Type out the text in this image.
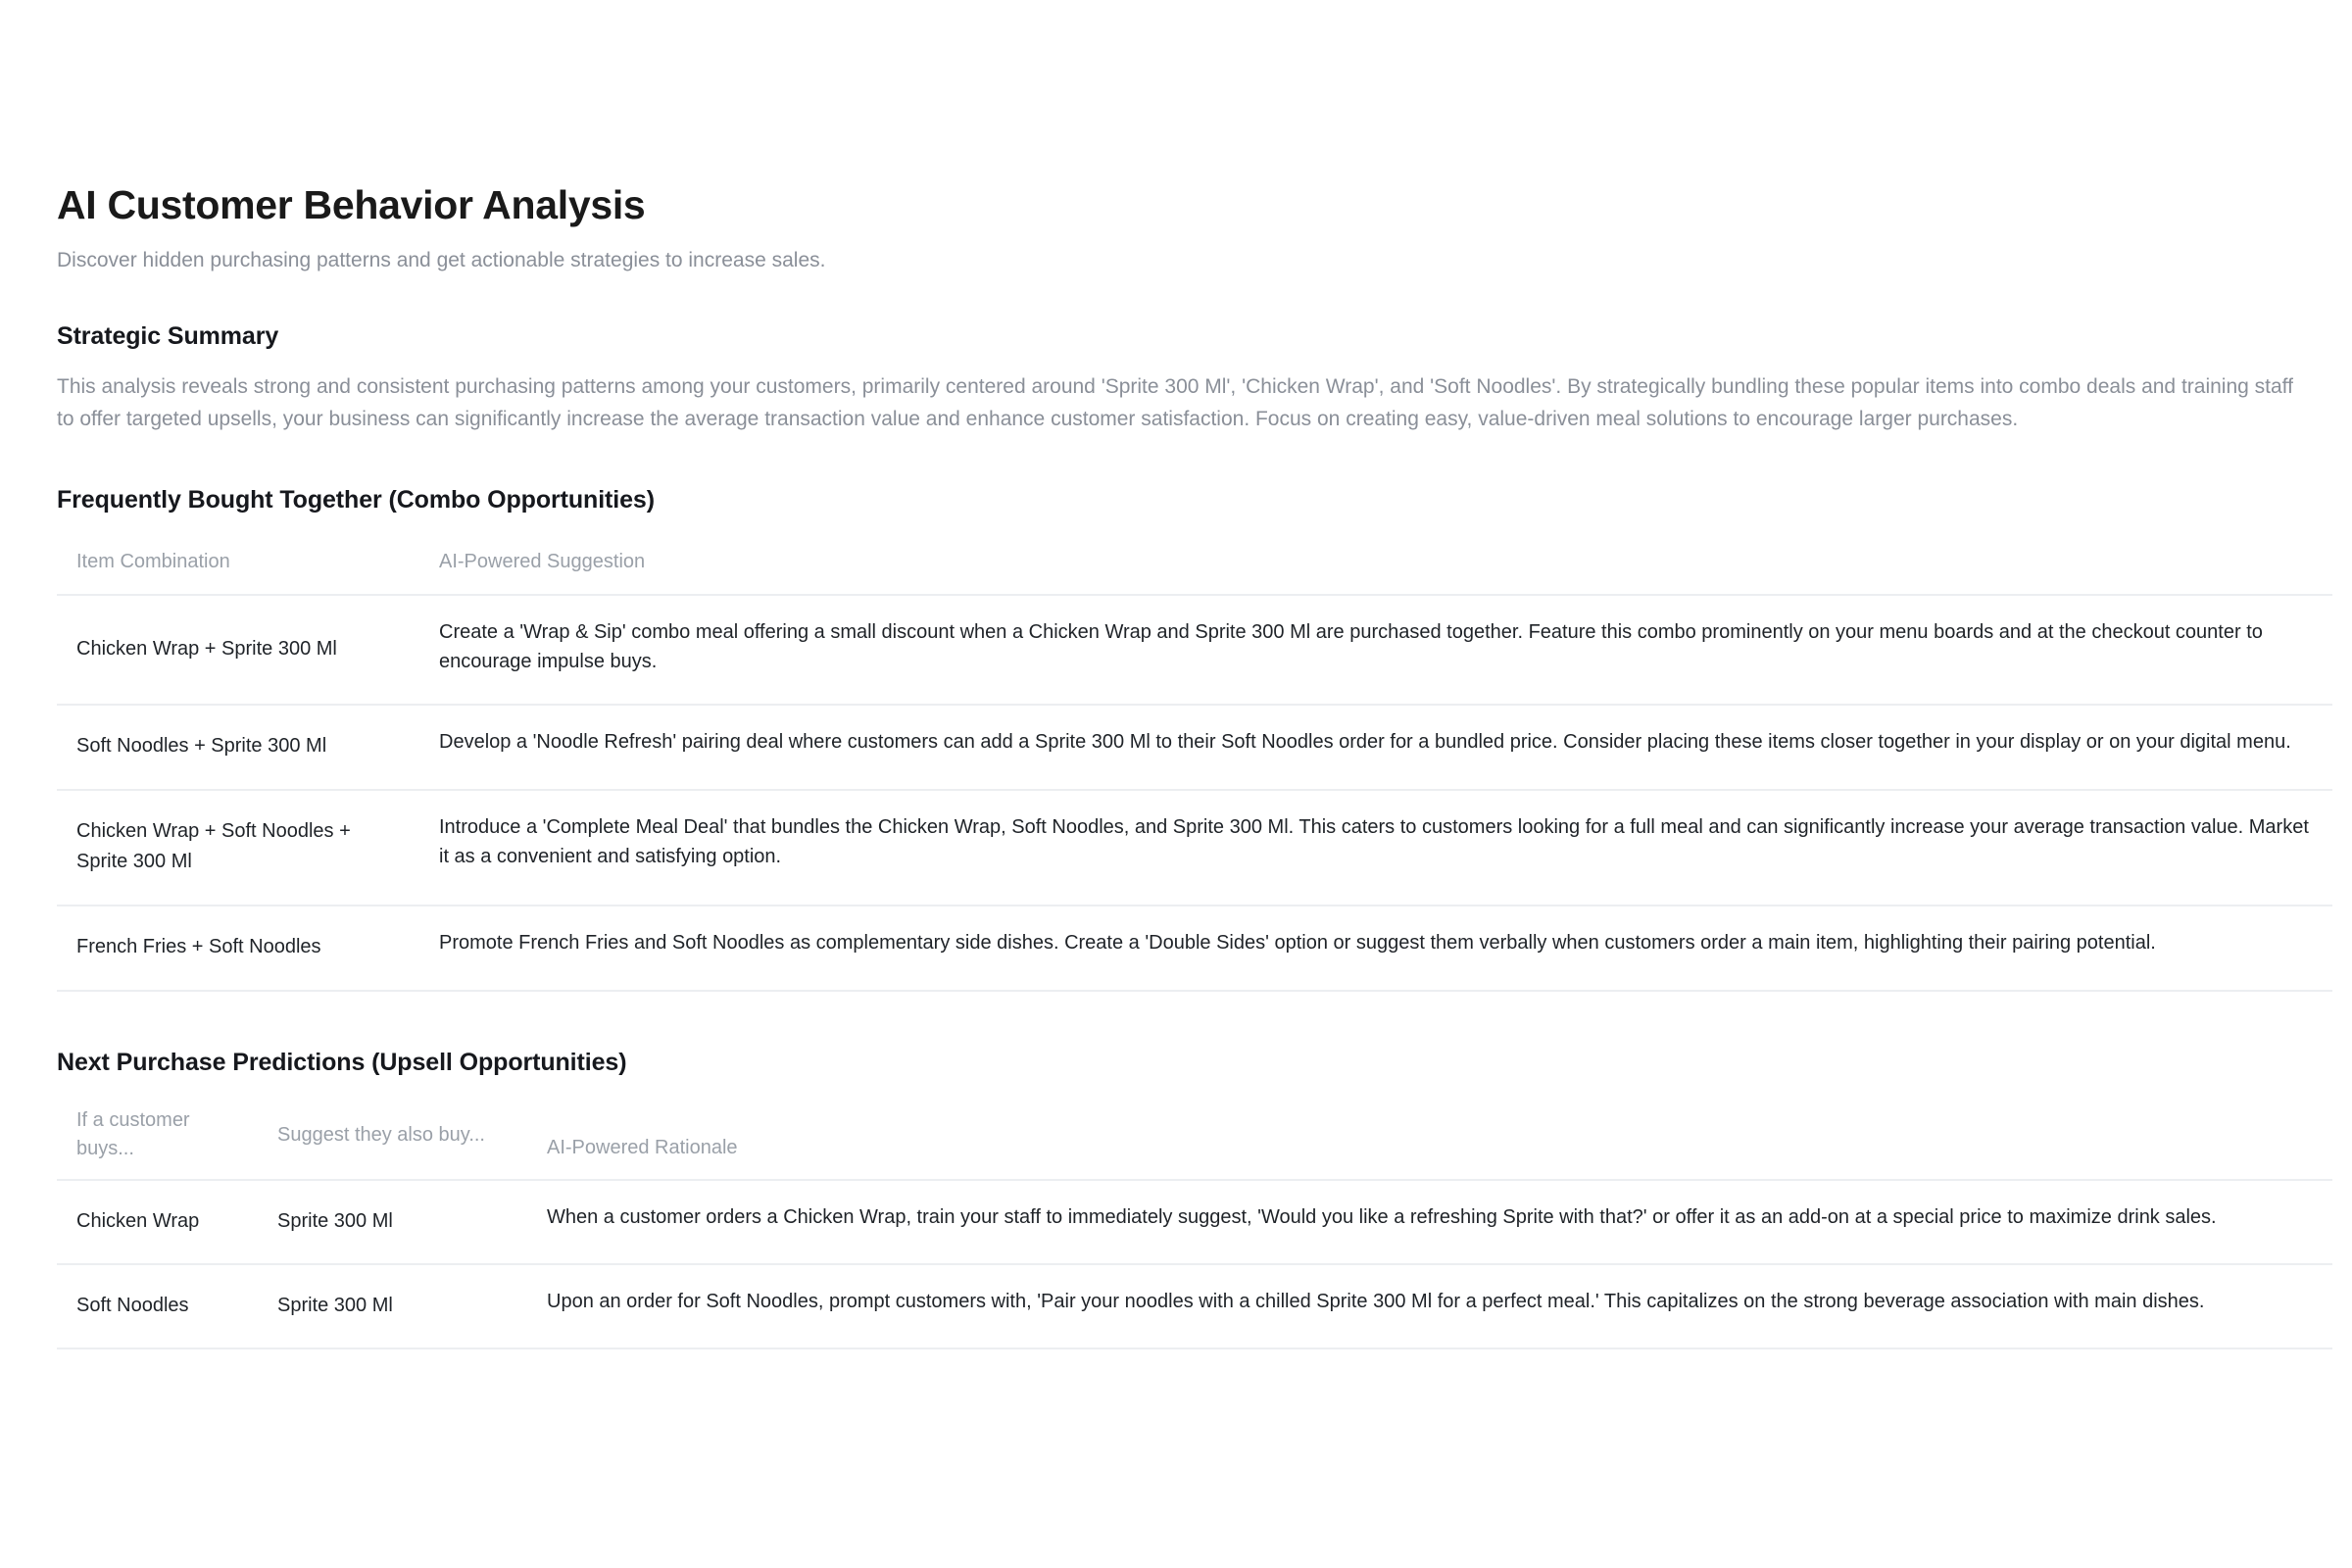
AI Customer Behavior Analysis

Discover hidden purchasing patterns and get actionable strategies to increase sales.

Strategic Summary

This analysis reveals strong and consistent purchasing patterns among your customers, primarily centered around 'Sprite 300 Ml', 'Chicken Wrap', and 'Soft Noodles'. By strategically bundling these popular items into combo deals and training staff to offer targeted upsells, your business can significantly increase the average transaction value and enhance customer satisfaction. Focus on creating easy, value-driven meal solutions to encourage larger purchases.

Frequently Bought Together (Combo Opportunities)
Item Combination	AI-Powered Suggestion
Chicken Wrap + Sprite 300 Ml	Create a 'Wrap & Sip' combo meal offering a small discount when a Chicken Wrap and Sprite 300 Ml are purchased together. Feature this combo prominently on your menu boards and at the checkout counter to encourage impulse buys.
Soft Noodles + Sprite 300 Ml	Develop a 'Noodle Refresh' pairing deal where customers can add a Sprite 300 Ml to their Soft Noodles order for a bundled price. Consider placing these items closer together in your display or on your digital menu.
Chicken Wrap + Soft Noodles + Sprite 300 Ml	Introduce a 'Complete Meal Deal' that bundles the Chicken Wrap, Soft Noodles, and Sprite 300 Ml. This caters to customers looking for a full meal and can significantly increase your average transaction value. Market it as a convenient and satisfying option.
French Fries + Soft Noodles	Promote French Fries and Soft Noodles as complementary side dishes. Create a 'Double Sides' option or suggest them verbally when customers order a main item, highlighting their pairing potential.
Next Purchase Predictions (Upsell Opportunities)
If a customer buys...	Suggest they also buy...	AI-Powered Rationale
Chicken Wrap	Sprite 300 Ml	When a customer orders a Chicken Wrap, train your staff to immediately suggest, 'Would you like a refreshing Sprite with that?' or offer it as an add-on at a special price to maximize drink sales.
Soft Noodles	Sprite 300 Ml	Upon an order for Soft Noodles, prompt customers with, 'Pair your noodles with a chilled Sprite 300 Ml for a perfect meal.' This capitalizes on the strong beverage association with main dishes.
